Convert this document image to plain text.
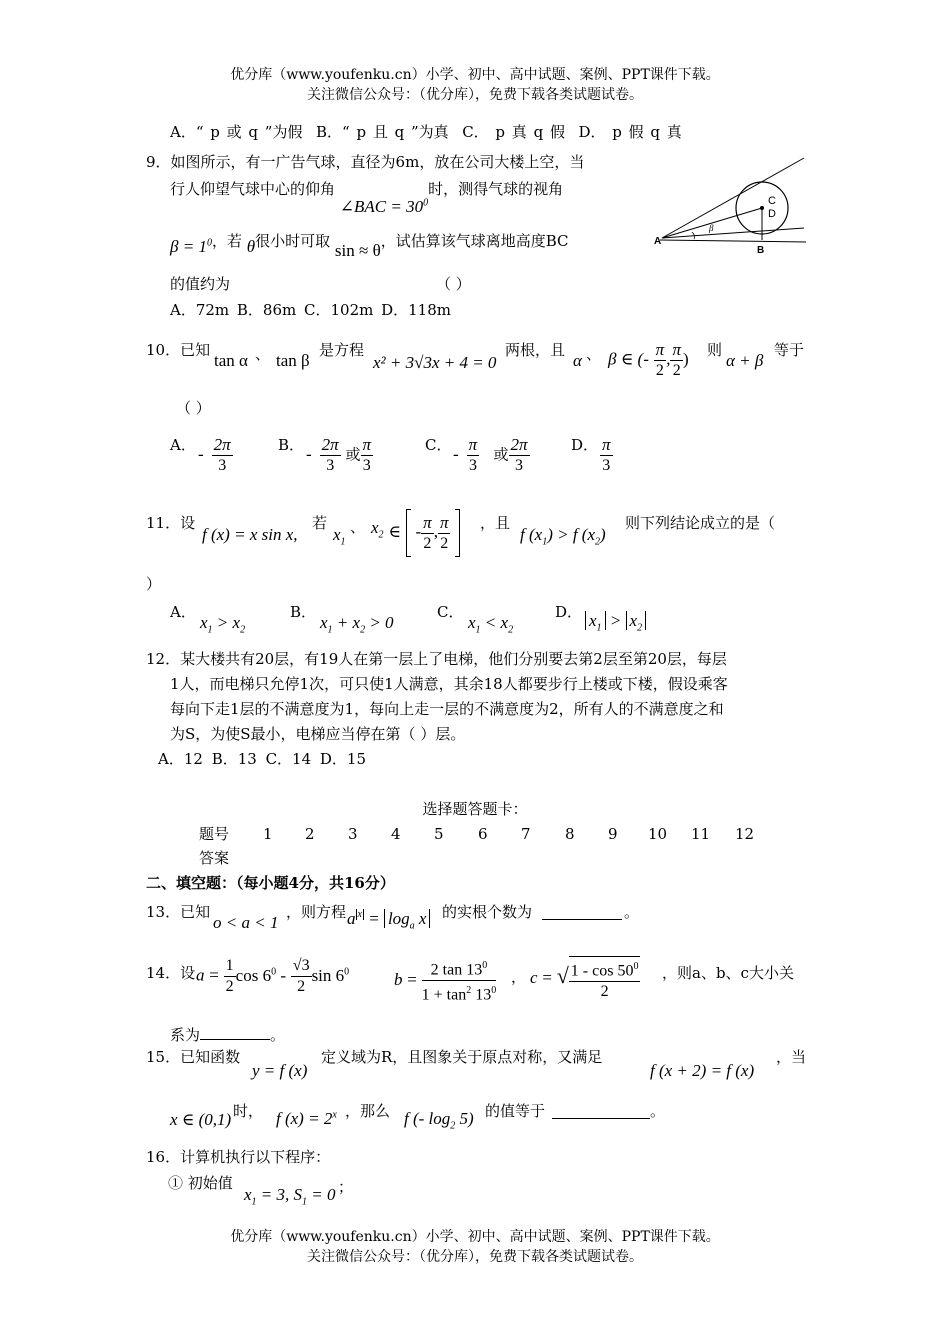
优分库（www.youfenku.cn）小学、初中、高中试题、案例、PPT课件下载。
关注微信公众号：（优分库），免费下载各类试题试卷。
A．“ p 或 q ”为假 B．“ p 且 q ”为真 C． p 真 q 假 D． p 假 q 真
9．如图所示，有一广告气球，直径为6m，放在公司大楼上空，当
行人仰望气球中心的仰角 ∠BAC = $30^0$时，测得气球的视角
$\beta = 1^0$，若 θ很小时可取 sin ≈ θ，试估算该气球离地高度BC
的值约为	（ ）
A．72m B．86m C．102m D．118m
A
B
C
D
β
10．已知
tan α 、 tan β
是方程
x² + 3√3x + 4 = 0
两根，且
α 、 β ∈ (- $\frac{\pi}{2}$ , $\frac{\pi}{2}$ ) 则
α + β
等于
（ ）
A． - $\frac{2\pi}{3}$	B． - $\frac{2\pi}{3}$ 或 $\frac{\pi}{3}$	C． - $\frac{\pi}{3}$ 或 $\frac{2\pi}{3}$	D． $\frac{\pi}{3}$
11．设
f (x) = x sin x,
若
$x_1$
、 $x_2$ ∈ - $\frac{\pi}{2}$ , $\frac{\pi}{2}$
，且
f $(x_1) > f$ $(x_2)$
则下列结论成立的是（
）
A．
$x_1 > x_2$
B．
$x_1 + x_2 > 0$
C．
$x_1 < x_2$
D． $x_1 > x_2$
12．某大楼共有20层，有19人在第一层上了电梯，他们分别要去第2层至第20层，每层
1人，而电梯只允停1次，可只使1人满意，其余18人都要步行上楼或下楼，假设乘客
每向下走1层的不满意度为1，每向上走一层的不满意度为2，所有人的不满意度之和
为S，为使S最小，电梯应当停在第（ ）层。
A．12 B．13 C．14 D．15
选择题答题卡：
题号 1 2 3 4 5 6 7 8 9 10 11 12
答案
二、填空题：（每小题4分，共16分）
13．已知
o < a < 1
，则方程 a $^x = \log_a x$ 的实根个数为	。
14．设 $a = \frac{1}{2}$ $\cos 6^0 - \frac{√3}{2}$ $\sin 6^0$	$b = \frac{2 \tan 13^0}{1 + \tan^2 13^0}$ ， c = √ $\frac{1 - \cos 50^0}{2}$ ，则a、b、c大小关
系为	。
15．已知函数
y = f (x)
定义域为R，且图象关于原点对称，又满足
f (x + 2) = f (x)
，当
x ∈ (0,1) 时， f $(x) = 2^x$ ，那么 f (- $\log_2 5$) 的值等于	。
16．计算机执行以下程序：
① 初始值
$x_1 = 3$, $S_1 = 0$ ；
优分库（www.youfenku.cn）小学、初中、高中试题、案例、PPT课件下载。
关注微信公众号：（优分库），免费下载各类试题试卷。
